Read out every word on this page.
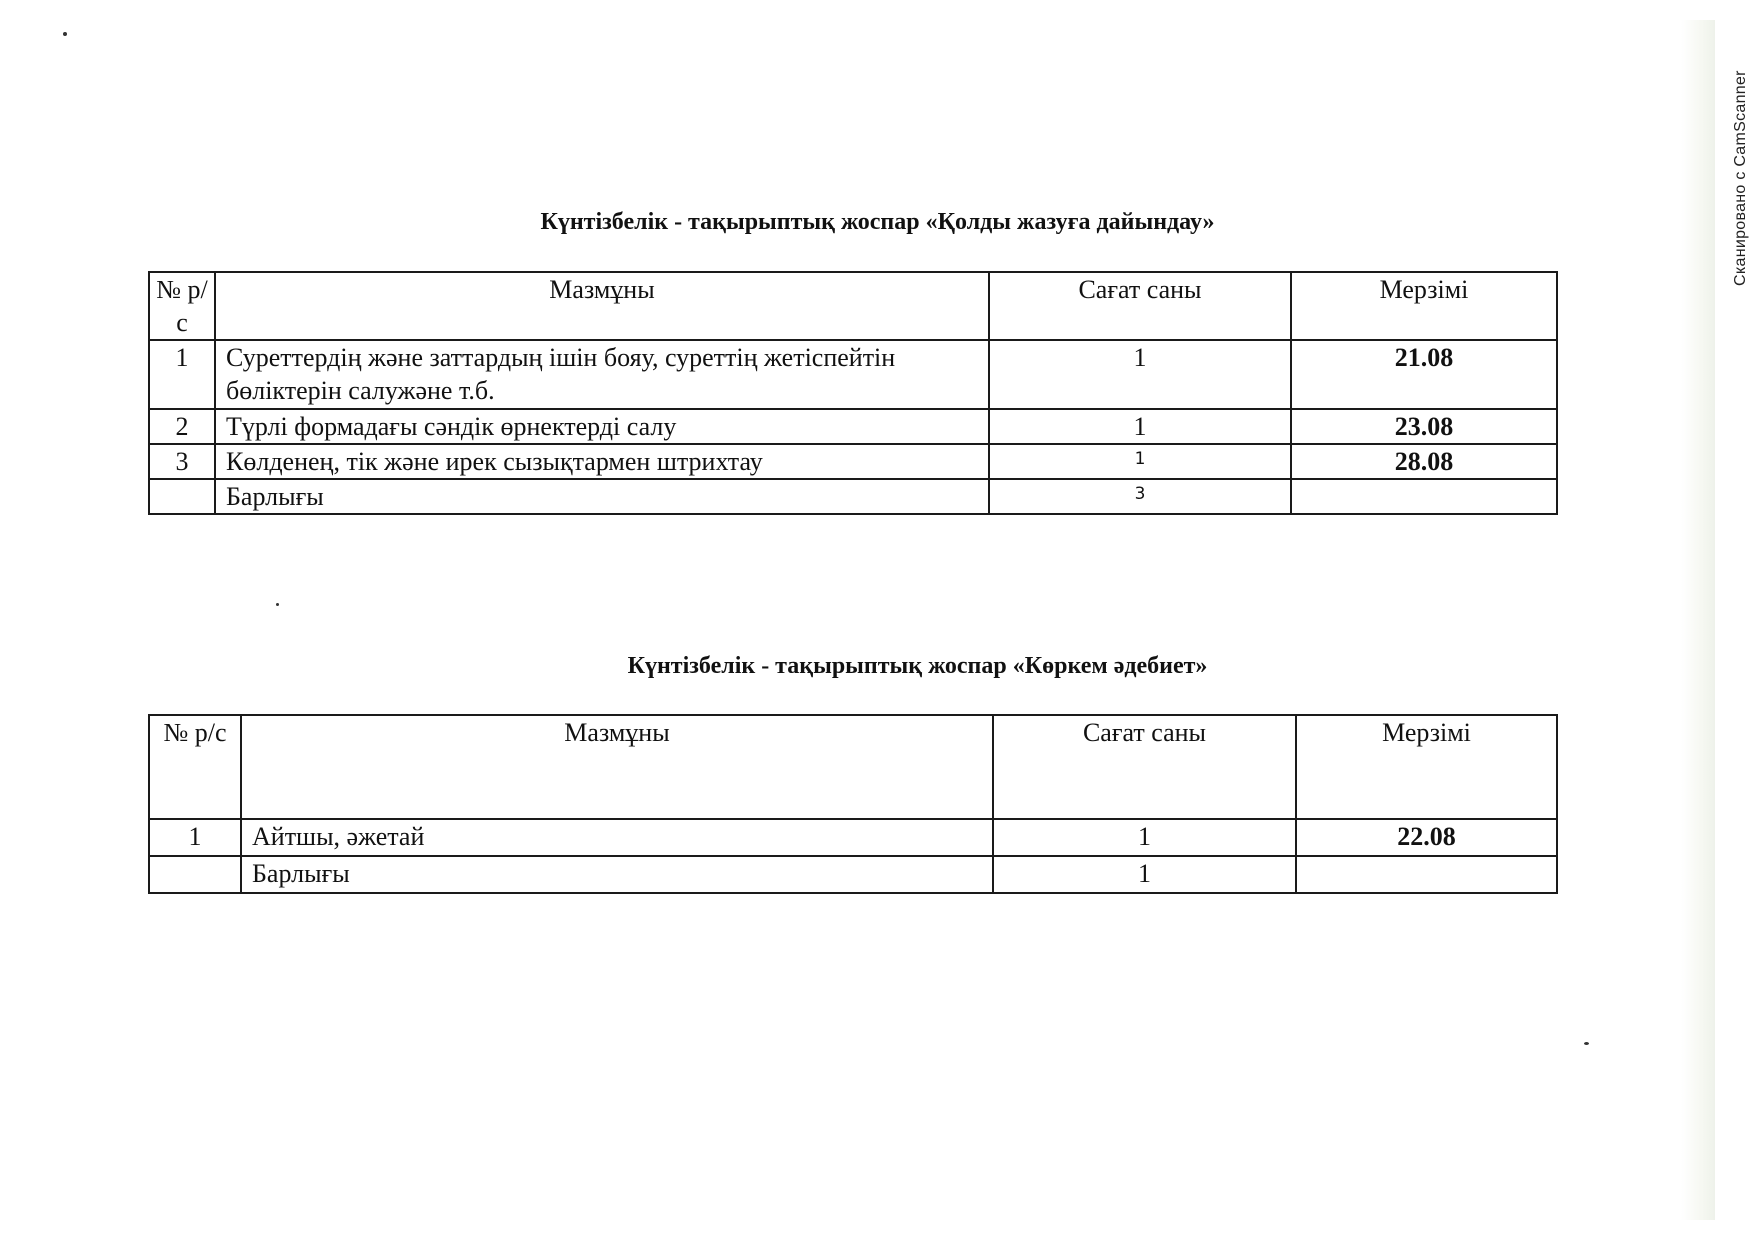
Сканировано с CamScanner
Күнтізбелік - тақырыптық жоспар «Қолды жазуға дайындау»
№ р/с	Мазмұны	Сағат саны	Мерзімі
1	Суреттердің және заттардың ішін бояу, суреттің жетіспейтін бөліктерін салужәне т.б.	1	21.08
2	Түрлі формадағы сәндік өрнектерді салу	1	23.08
3	Көлденең, тік және ирек сызықтармен штрихтау	1	28.08
	Барлығы	3	
Күнтізбелік - тақырыптық жоспар «Көркем әдебиет»
№ р/с	Мазмұны	Сағат саны	Мерзімі
1	Айтшы, әжетай	1	22.08
	Барлығы	1	
